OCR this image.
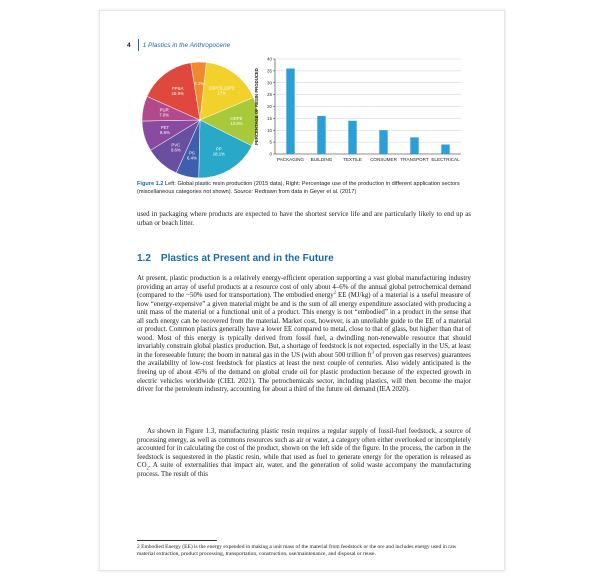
4 1 Plastics in the Anthropocene
Figure 1.2 Left: Global plastic resin production (2015 data), Right: Percentage use of the production in different application sectors (miscellaneous categories not shown). Source: Redrawn from data in Geyer et al. (2017)
used in packaging where products are expected to have the shortest service life and are particularly likely to end up as urban or beach litter.
1.2 Plastics at Present and in the Future
At present, plastic production is a relatively energy-efficient operation supporting a vast global manufacturing industry providing an array of useful products at a resource cost of only about 4–6% of the annual global petrochemical demand (compared to the ~50% used for transportation). The embodied energy$^2$ EE (MJ/kg) of a material is a useful measure of how “energy-expensive” a given material might be and is the sum of all energy expenditure associated with producing a unit mass of the material or a functional unit of a product. This energy is not “embodied” in a product in the sense that all such energy can be recovered from the material. Market cost, however, is an unreliable guide to the EE of a material or product. Common plastics generally have a lower EE compared to metal, close to that of glass, but higher than that of wood. Most of this energy is typically derived from fossil fuel, a dwindling non-renewable resource that should invariably constrain global plastics production. But, a shortage of feedstock is not expected, especially in the US, at least in the foreseeable future; the boom in natural gas in the US (with about 500 trillion $ft^3$ of proven gas reserves) guarantees the availability of low-cost feedstock for plastics at least the next couple of centuries. Also widely anticipated is the freeing up of about 45% of the demand on global crude oil for plastic production because of the expected growth in electric vehicles worldwide (CIEL 2021). The petrochemicals sector, including plastics, will then become the major driver for the petroleum industry, accounting for about a third of the future oil demand (IEA 2020).
As shown in Figure 1.3, manufacturing plastic resin requires a regular supply of fossil-fuel feedstock, a source of processing energy, as well as commons resources such as air or water, a category often either overlooked or incompletely accounted for in calculating the cost of the product, shown on the left side of the figure. In the process, the carbon in the feedstock is sequestered in the plastic resin, while that used as fuel to generate energy for the operation is released as $CO_2$. A suite of externalities that impact air, water, and the generation of solid waste accompany the manufacturing process. The result of this
2 Embodied Energy (EE) is the energy expended in making a unit mass of the material from feedstock or the ore and includes energy used in raw material extraction, product processing, transportation, construction, use/maintenance, and disposal or reuse.
LDPE/LLDPE 17%
HDPE 13.8%
PP 18.1%
PS 6.4%
PVC 9.6%
PET 8.5%
PUR 7.0%
PP&A 15.9%
4.3%
0
5
10
15
20
25
30
35
40
PACKAGING BUILDING TEXTILE CONSUMER TRANSPORT ELECTRICAL
PERCENTAGE OF RESIN PRODUCED
